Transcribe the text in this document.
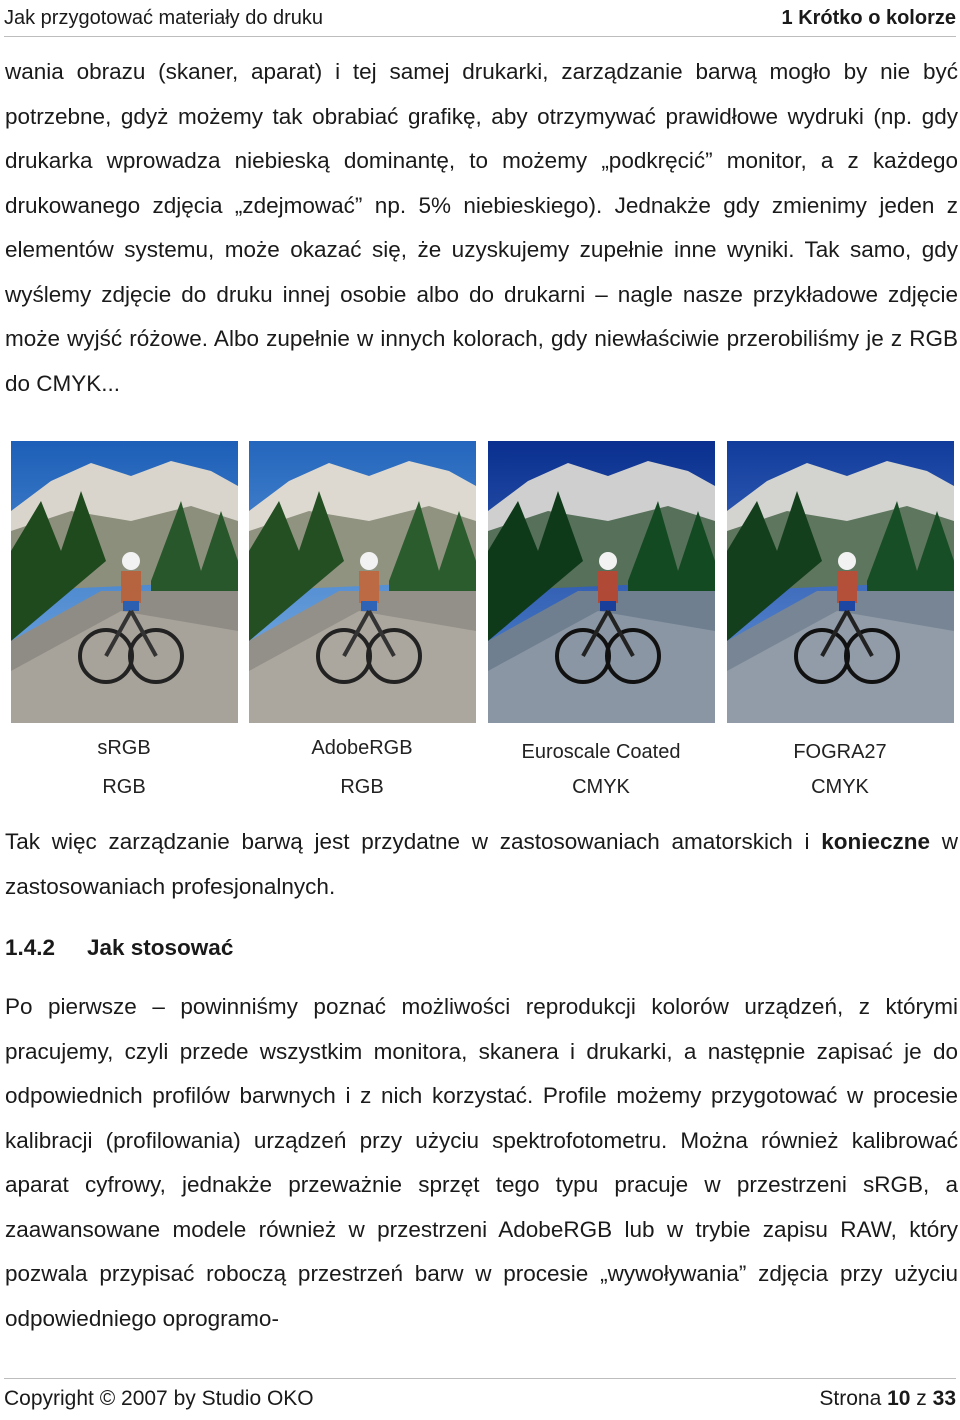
Jak przygotować materiały do druku	1 Krótko o kolorze

wania obrazu (skaner, aparat) i tej samej drukarki, zarządzanie barwą mogło by nie być potrzebne, gdyż możemy tak obrabiać grafikę, aby otrzymywać prawidłowe wydruki (np. gdy drukarka wprowadza niebieską dominantę, to możemy „podkręcić” monitor, a z każdego drukowanego zdjęcia „zdejmować” np. 5% niebieskiego). Jednakże gdy zmienimy jeden z elementów systemu, może okazać się, że uzyskujemy zupełnie inne wyniki. Tak samo, gdy wyślemy zdjęcie do druku innej osobie albo do drukarni – nagle nasze przykładowe zdjęcie może wyjść różowe. Albo zupełnie w innych kolorach, gdy niewłaściwie przerobiliśmy je z RGB do CMYK...

sRGB	AdobeRGB	Euroscale Coated	FOGRA27
RGB	RGB	CMYK	CMYK

Tak więc zarządzanie barwą jest przydatne w zastosowaniach amatorskich i konieczne w zastosowaniach profesjonalnych.

1.4.2 Jak stosować

Po pierwsze – powinniśmy poznać możliwości reprodukcji kolorów urządzeń, z którymi pracujemy, czyli przede wszystkim monitora, skanera i drukarki, a następnie zapisać je do odpowiednich profilów barwnych i z nich korzystać. Profile możemy przygotować w procesie kalibracji (profilowania) urządzeń przy użyciu spektrofotometru. Można również kalibrować aparat cyfrowy, jednakże przeważnie sprzęt tego typu pracuje w przestrzeni sRGB, a zaawansowane modele również w przestrzeni AdobeRGB lub w trybie zapisu RAW, który pozwala przypisać roboczą przestrzeń barw w procesie „wywoływania” zdjęcia przy użyciu odpowiedniego oprogramo-

Copyright © 2007 by Studio OKO	Strona 10 z 33
